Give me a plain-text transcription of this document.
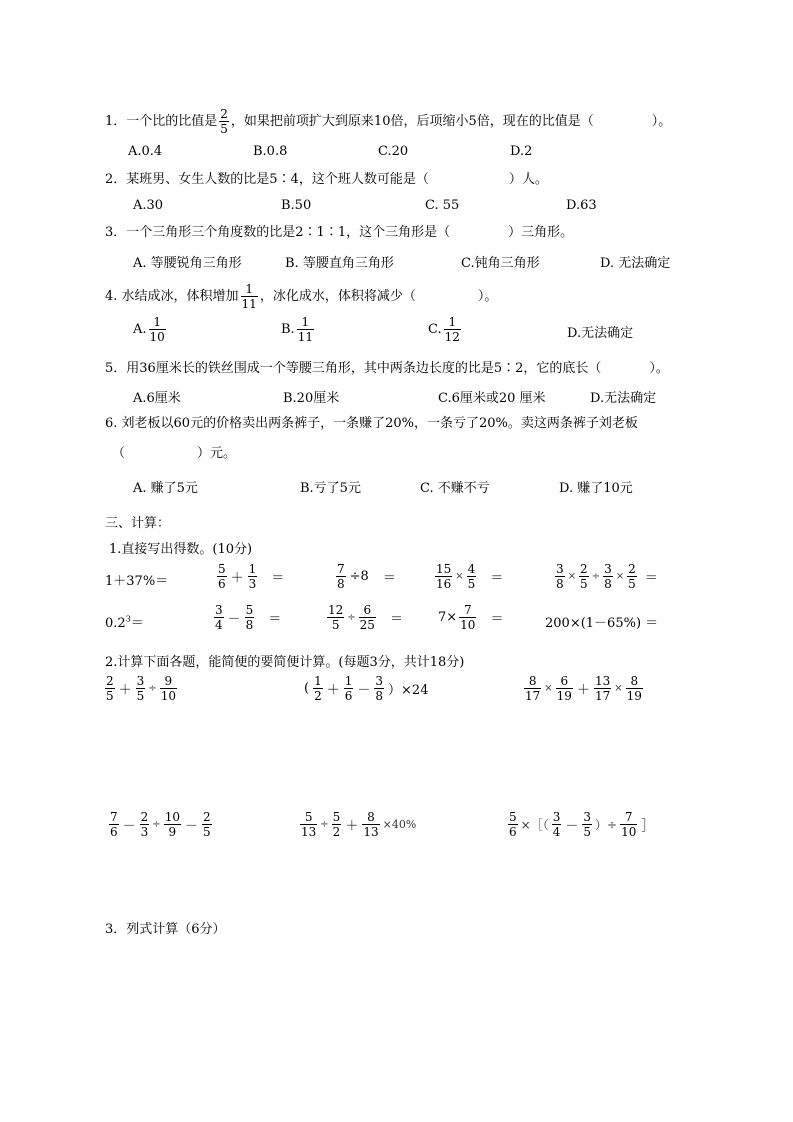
1．一个比的比值是 $\frac{2}{5}$ ，如果把前项扩大到原来10倍，后项缩小5倍，现在的比值是（	）。
A.0.4	B.0.8	C.20	D.2
2．某班男、女生人数的比是5∶4，这个班人数可能是（	）人。
A.30	B.50	C. 55	D.63
3．一个三角形三个角度数的比是2∶1∶1，这个三角形是（	）三角形。
A. 等腰锐角三角形	B. 等腰直角三角形	C.钝角三角形	D. 无法确定
4. 水结成冰，体积增加 $\frac{1}{11}$ ，冰化成水，体积将减少（	）。
A. $\frac{1}{10}$	B. $\frac{1}{11}$	C. $\frac{1}{12}$	D.无法确定
5．用36厘米长的铁丝围成一个等腰三角形，其中两条边长度的比是5∶2，它的底长（	）。
A.6厘米	B.20厘米	C.6厘米或20 厘米	D.无法确定
6. 刘老板以60元的价格卖出两条裤子，一条赚了20%，一条亏了20%。卖这两条裤子刘老板
（	）元。
A. 赚了5元	B.亏了5元	C. 不赚不亏	D. 赚了10元
三、计算：
1.直接写出得数。(10分)
1＋37%＝	$\frac{5}{6} + \frac{1}{3}$ ＝	$\frac{7}{8} \div 8$ ＝	$\frac{15}{16} \times \frac{4}{5}$ ＝	$\frac{3}{8} \times \frac{2}{5} \div \frac{3}{8} \times \frac{2}{5}$ ＝
$0.2^3=$	$\frac{3}{4} - \frac{5}{8}$ ＝	$\frac{12}{5} \div \frac{6}{25}$ ＝	$7\times \frac{7}{10}$ ＝	200×(1－65%) ＝
2.计算下面各题，能简便的要简便计算。(每题3分，共计18分)
$\frac{2}{5} + \frac{3}{5} \div \frac{9}{10}$	( $\frac{1}{2} + \frac{1}{6} - \frac{3}{8} )\times 24$	$\frac{8}{17} \times \frac{6}{19} + \frac{13}{17} \times \frac{8}{19}$
$\frac{7}{6} - \frac{2}{3} \div \frac{10}{9} - \frac{2}{5}$	$\frac{5}{13} \div \frac{5}{2} + \frac{8}{13} \times 40\%$	$\frac{5}{6}$ ×［（ $\frac{3}{4} - \frac{3}{5}$ ）÷ $\frac{7}{10}$ ］
3．列式计算（6分）
